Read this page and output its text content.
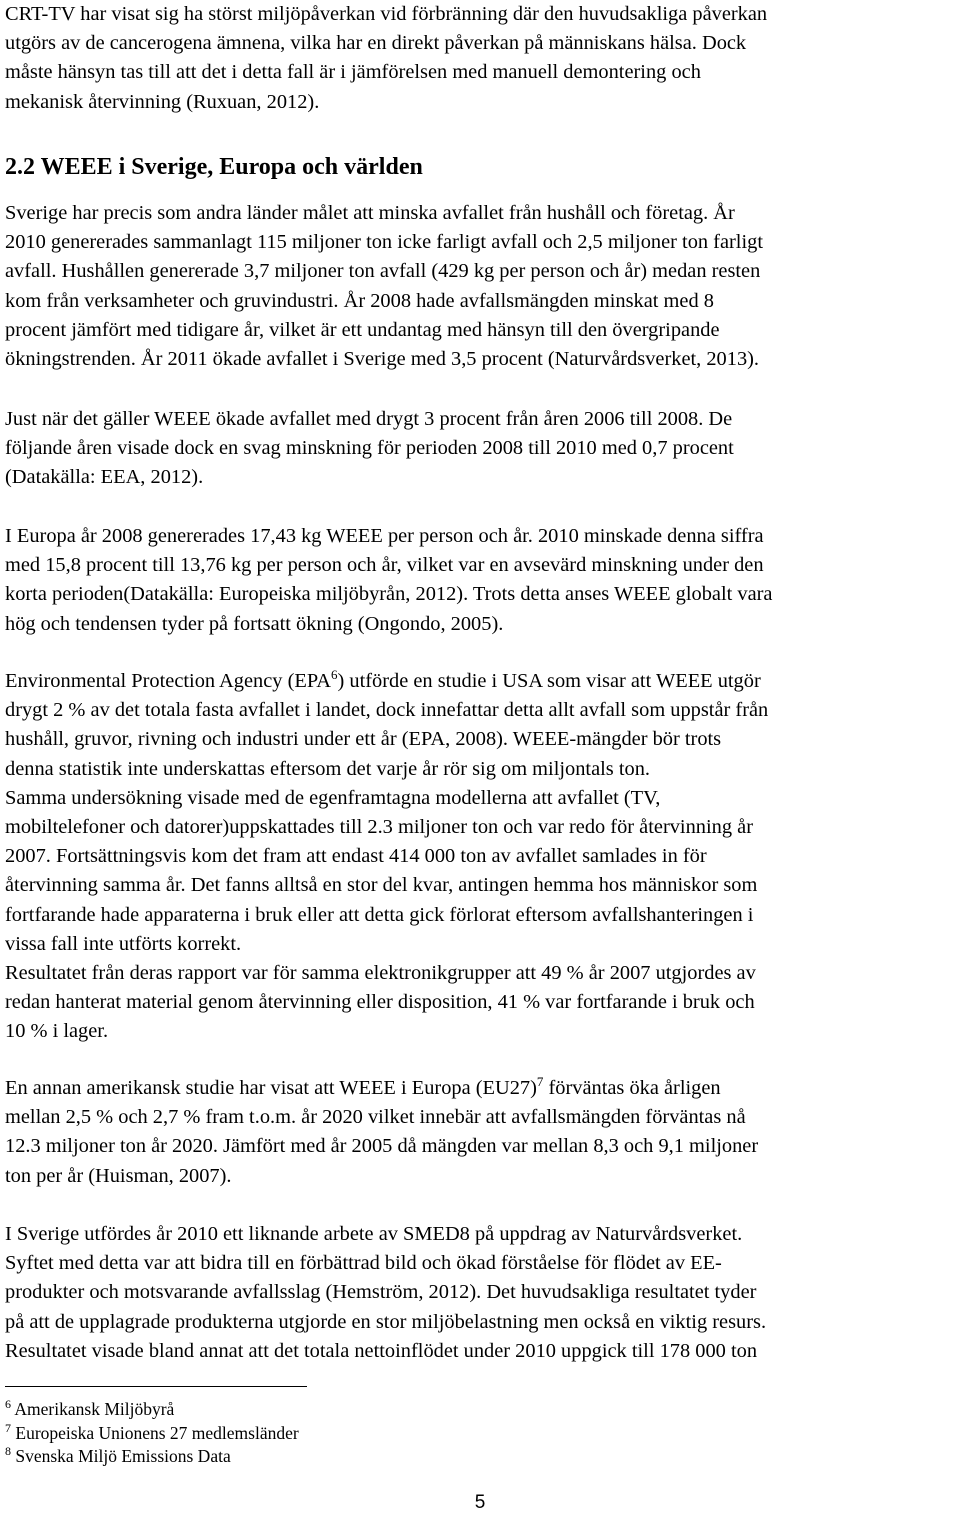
CRT-TV har visat sig ha störst miljöpåverkan vid förbränning där den huvudsakliga påverkan
utgörs av de cancerogena ämnena, vilka har en direkt påverkan på människans hälsa. Dock
måste hänsyn tas till att det i detta fall är i jämförelsen med manuell demontering och
mekanisk återvinning (Ruxuan, 2012).

2.2 WEEE i Sverige, Europa och världen

Sverige har precis som andra länder målet att minska avfallet från hushåll och företag. År
2010 genererades sammanlagt 115 miljoner ton icke farligt avfall och 2,5 miljoner ton farligt
avfall. Hushållen genererade 3,7 miljoner ton avfall (429 kg per person och år) medan resten
kom från verksamheter och gruvindustri. År 2008 hade avfallsmängden minskat med 8
procent jämfört med tidigare år, vilket är ett undantag med hänsyn till den övergripande
ökningstrenden. År 2011 ökade avfallet i Sverige med 3,5 procent (Naturvårdsverket, 2013).

Just när det gäller WEEE ökade avfallet med drygt 3 procent från åren 2006 till 2008. De
följande åren visade dock en svag minskning för perioden 2008 till 2010 med 0,7 procent
(Datakälla: EEA, 2012).

I Europa år 2008 genererades 17,43 kg WEEE per person och år. 2010 minskade denna siffra
med 15,8 procent till 13,76 kg per person och år, vilket var en avsevärd minskning under den
korta perioden(Datakälla: Europeiska miljöbyrån, 2012). Trots detta anses WEEE globalt vara
hög och tendensen tyder på fortsatt ökning (Ongondo, 2005).

Environmental Protection Agency (EPA$^6$) utförde en studie i USA som visar att WEEE utgör
drygt 2 % av det totala fasta avfallet i landet, dock innefattar detta allt avfall som uppstår från
hushåll, gruvor, rivning och industri under ett år (EPA, 2008). WEEE-mängder bör trots
denna statistik inte underskattas eftersom det varje år rör sig om miljontals ton.
Samma undersökning visade med de egenframtagna modellerna att avfallet (TV,
mobiltelefoner och datorer)uppskattades till 2.3 miljoner ton och var redo för återvinning år
2007. Fortsättningsvis kom det fram att endast 414 000 ton av avfallet samlades in för
återvinning samma år. Det fanns alltså en stor del kvar, antingen hemma hos människor som
fortfarande hade apparaterna i bruk eller att detta gick förlorat eftersom avfallshanteringen i
vissa fall inte utförts korrekt.
Resultatet från deras rapport var för samma elektronikgrupper att 49 % år 2007 utgjordes av
redan hanterat material genom återvinning eller disposition, 41 % var fortfarande i bruk och
10 % i lager.

En annan amerikansk studie har visat att WEEE i Europa $(EU27)^7$ förväntas öka årligen
mellan 2,5 % och 2,7 % fram t.o.m. år 2020 vilket innebär att avfallsmängden förväntas nå
12.3 miljoner ton år 2020. Jämfört med år 2005 då mängden var mellan 8,3 och 9,1 miljoner
ton per år (Huisman, 2007).

I Sverige utfördes år 2010 ett liknande arbete av SMED8 på uppdrag av Naturvårdsverket.
Syftet med detta var att bidra till en förbättrad bild och ökad förståelse för flödet av EE-
produkter och motsvarande avfallsslag (Hemström, 2012). Det huvudsakliga resultatet tyder
på att de upplagrade produkterna utgjorde en stor miljöbelastning men också en viktig resurs.
Resultatet visade bland annat att det totala nettoinflödet under 2010 uppgick till 178 000 ton

$^6$ Amerikansk Miljöbyrå
$^7$ Europeiska Unionens 27 medlemsländer
$^8$ Svenska Miljö Emissions Data
5
